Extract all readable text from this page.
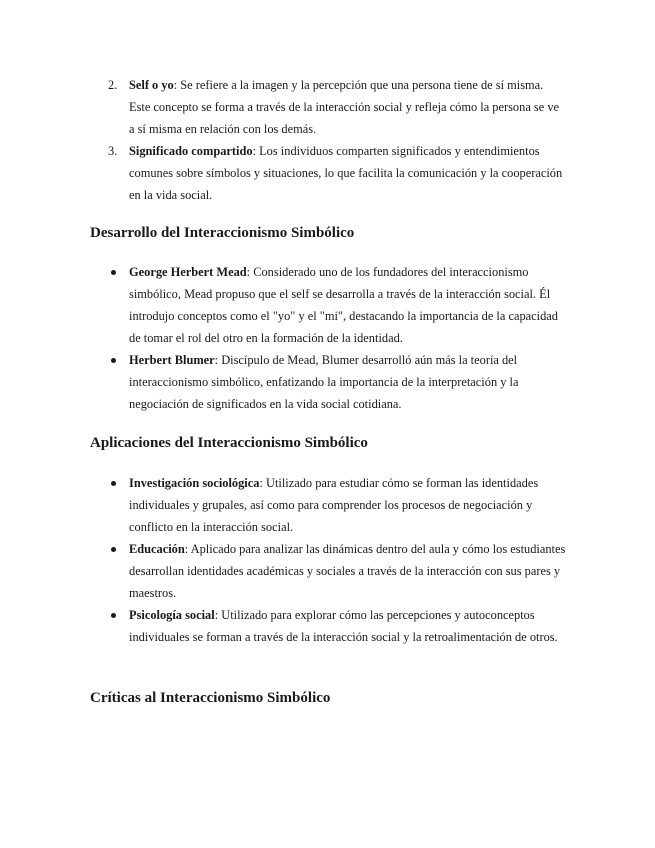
2. Self o yo: Se refiere a la imagen y la percepción que una persona tiene de sí misma. Este concepto se forma a través de la interacción social y refleja cómo la persona se ve a sí misma en relación con los demás.
3. Significado compartido: Los individuos comparten significados y entendimientos comunes sobre símbolos y situaciones, lo que facilita la comunicación y la cooperación en la vida social.
Desarrollo del Interaccionismo Simbólico
George Herbert Mead: Considerado uno de los fundadores del interaccionismo simbólico, Mead propuso que el self se desarrolla a través de la interacción social. Él introdujo conceptos como el "yo" y el "mi", destacando la importancia de la capacidad de tomar el rol del otro en la formación de la identidad.
Herbert Blumer: Discípulo de Mead, Blumer desarrolló aún más la teoría del interaccionismo simbólico, enfatizando la importancia de la interpretación y la negociación de significados en la vida social cotidiana.
Aplicaciones del Interaccionismo Simbólico
Investigación sociológica: Utilizado para estudiar cómo se forman las identidades individuales y grupales, así como para comprender los procesos de negociación y conflicto en la interacción social.
Educación: Aplicado para analizar las dinámicas dentro del aula y cómo los estudiantes desarrollan identidades académicas y sociales a través de la interacción con sus pares y maestros.
Psicología social: Utilizado para explorar cómo las percepciones y autoconceptos individuales se forman a través de la interacción social y la retroalimentación de otros.
Críticas al Interaccionismo Simbólico
